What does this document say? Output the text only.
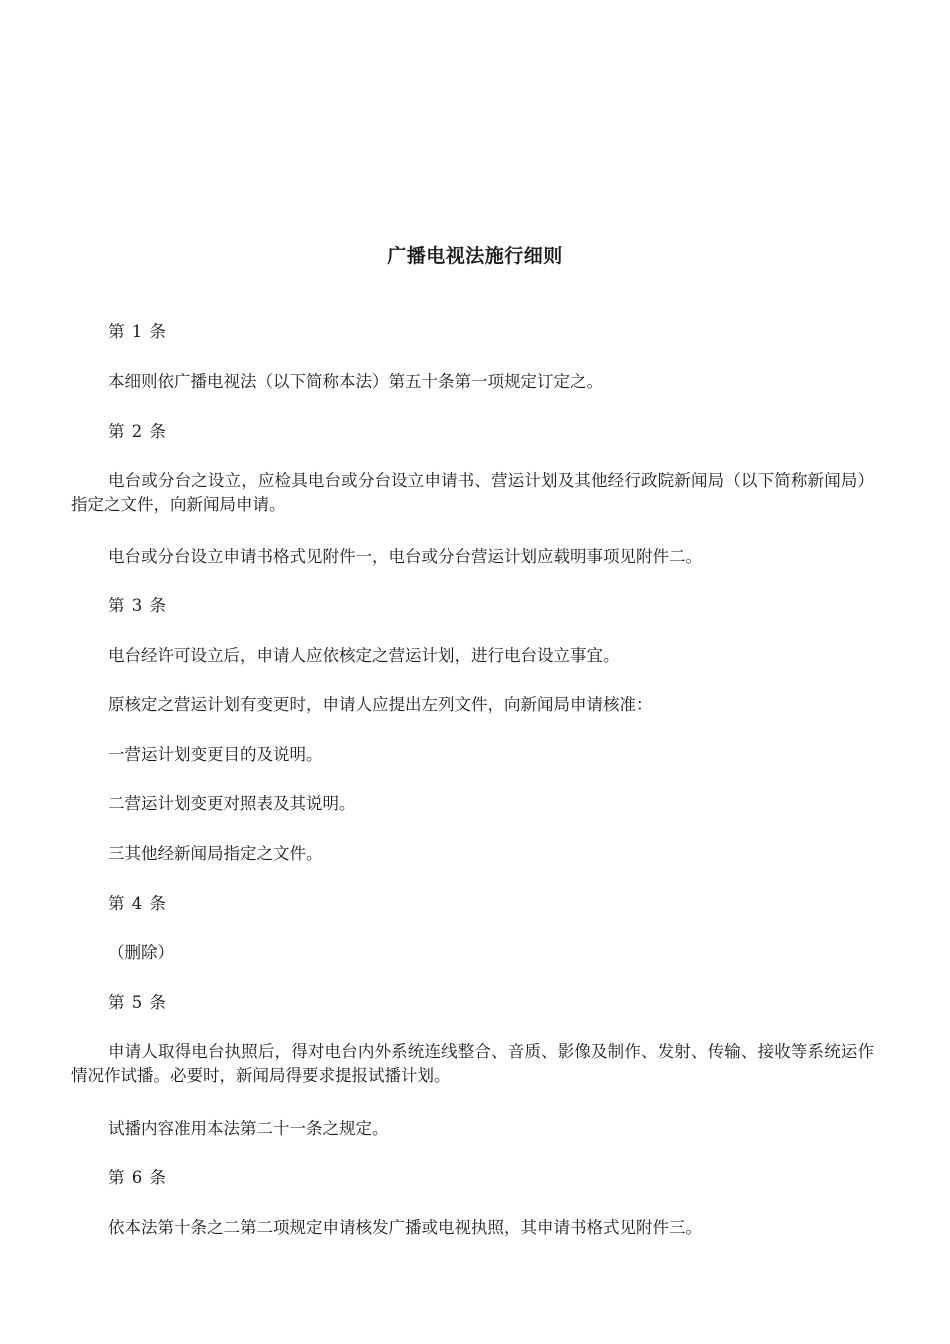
广播电视法施行细则

第 1 条

本细则依广播电视法（以下简称本法）第五十条第一项规定订定之。

第 2 条

电台或分台之设立，应检具电台或分台设立申请书、营运计划及其他经行政院新闻局（以下简称新闻局）指定之文件，向新闻局申请。

电台或分台设立申请书格式见附件一，电台或分台营运计划应载明事项见附件二。

第 3 条

电台经许可设立后，申请人应依核定之营运计划，进行电台设立事宜。

原核定之营运计划有变更时，申请人应提出左列文件，向新闻局申请核准：

一营运计划变更目的及说明。

二营运计划变更对照表及其说明。

三其他经新闻局指定之文件。

第 4 条

（删除）

第 5 条

申请人取得电台执照后，得对电台内外系统连线整合、音质、影像及制作、发射、传输、接收等系统运作情况作试播。必要时，新闻局得要求提报试播计划。

试播内容准用本法第二十一条之规定。

第 6 条

依本法第十条之二第二项规定申请核发广播或电视执照，其申请书格式见附件三。
